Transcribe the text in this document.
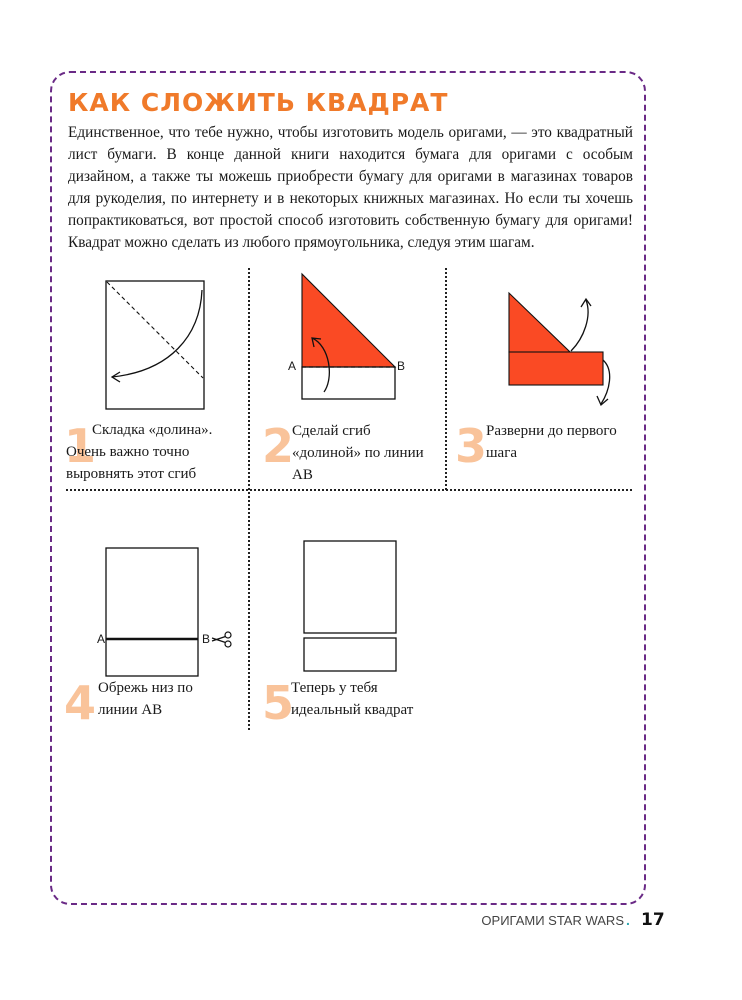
КАК СЛОЖИТЬ КВАДРАТ

Единственное, что тебе нужно, чтобы изготовить модель оригами, — это квадратный лист бумаги. В конце данной книги находится бумага для оригами с особым дизайном, а также ты можешь приобрести бумагу для оригами в магазинах товаров для рукоделия, по интернету и в некоторых книжных магазинах. Но если ты хочешь попрактиковаться, вот простой способ изготовить собственную бумагу для оригами! Квадрат можно сделать из любого прямоугольника, следуя этим шагам.

A	B
A	B
1

Складка «долина». Очень важно точно выровнять этот сгиб

2

Сделай сгиб «долиной» по линии AB

3

Разверни до первого шага

4 Обрежь низ по линии AB	5

Теперь у тебя идеальный квадрат

ОРИГАМИ STAR WARS . 17
